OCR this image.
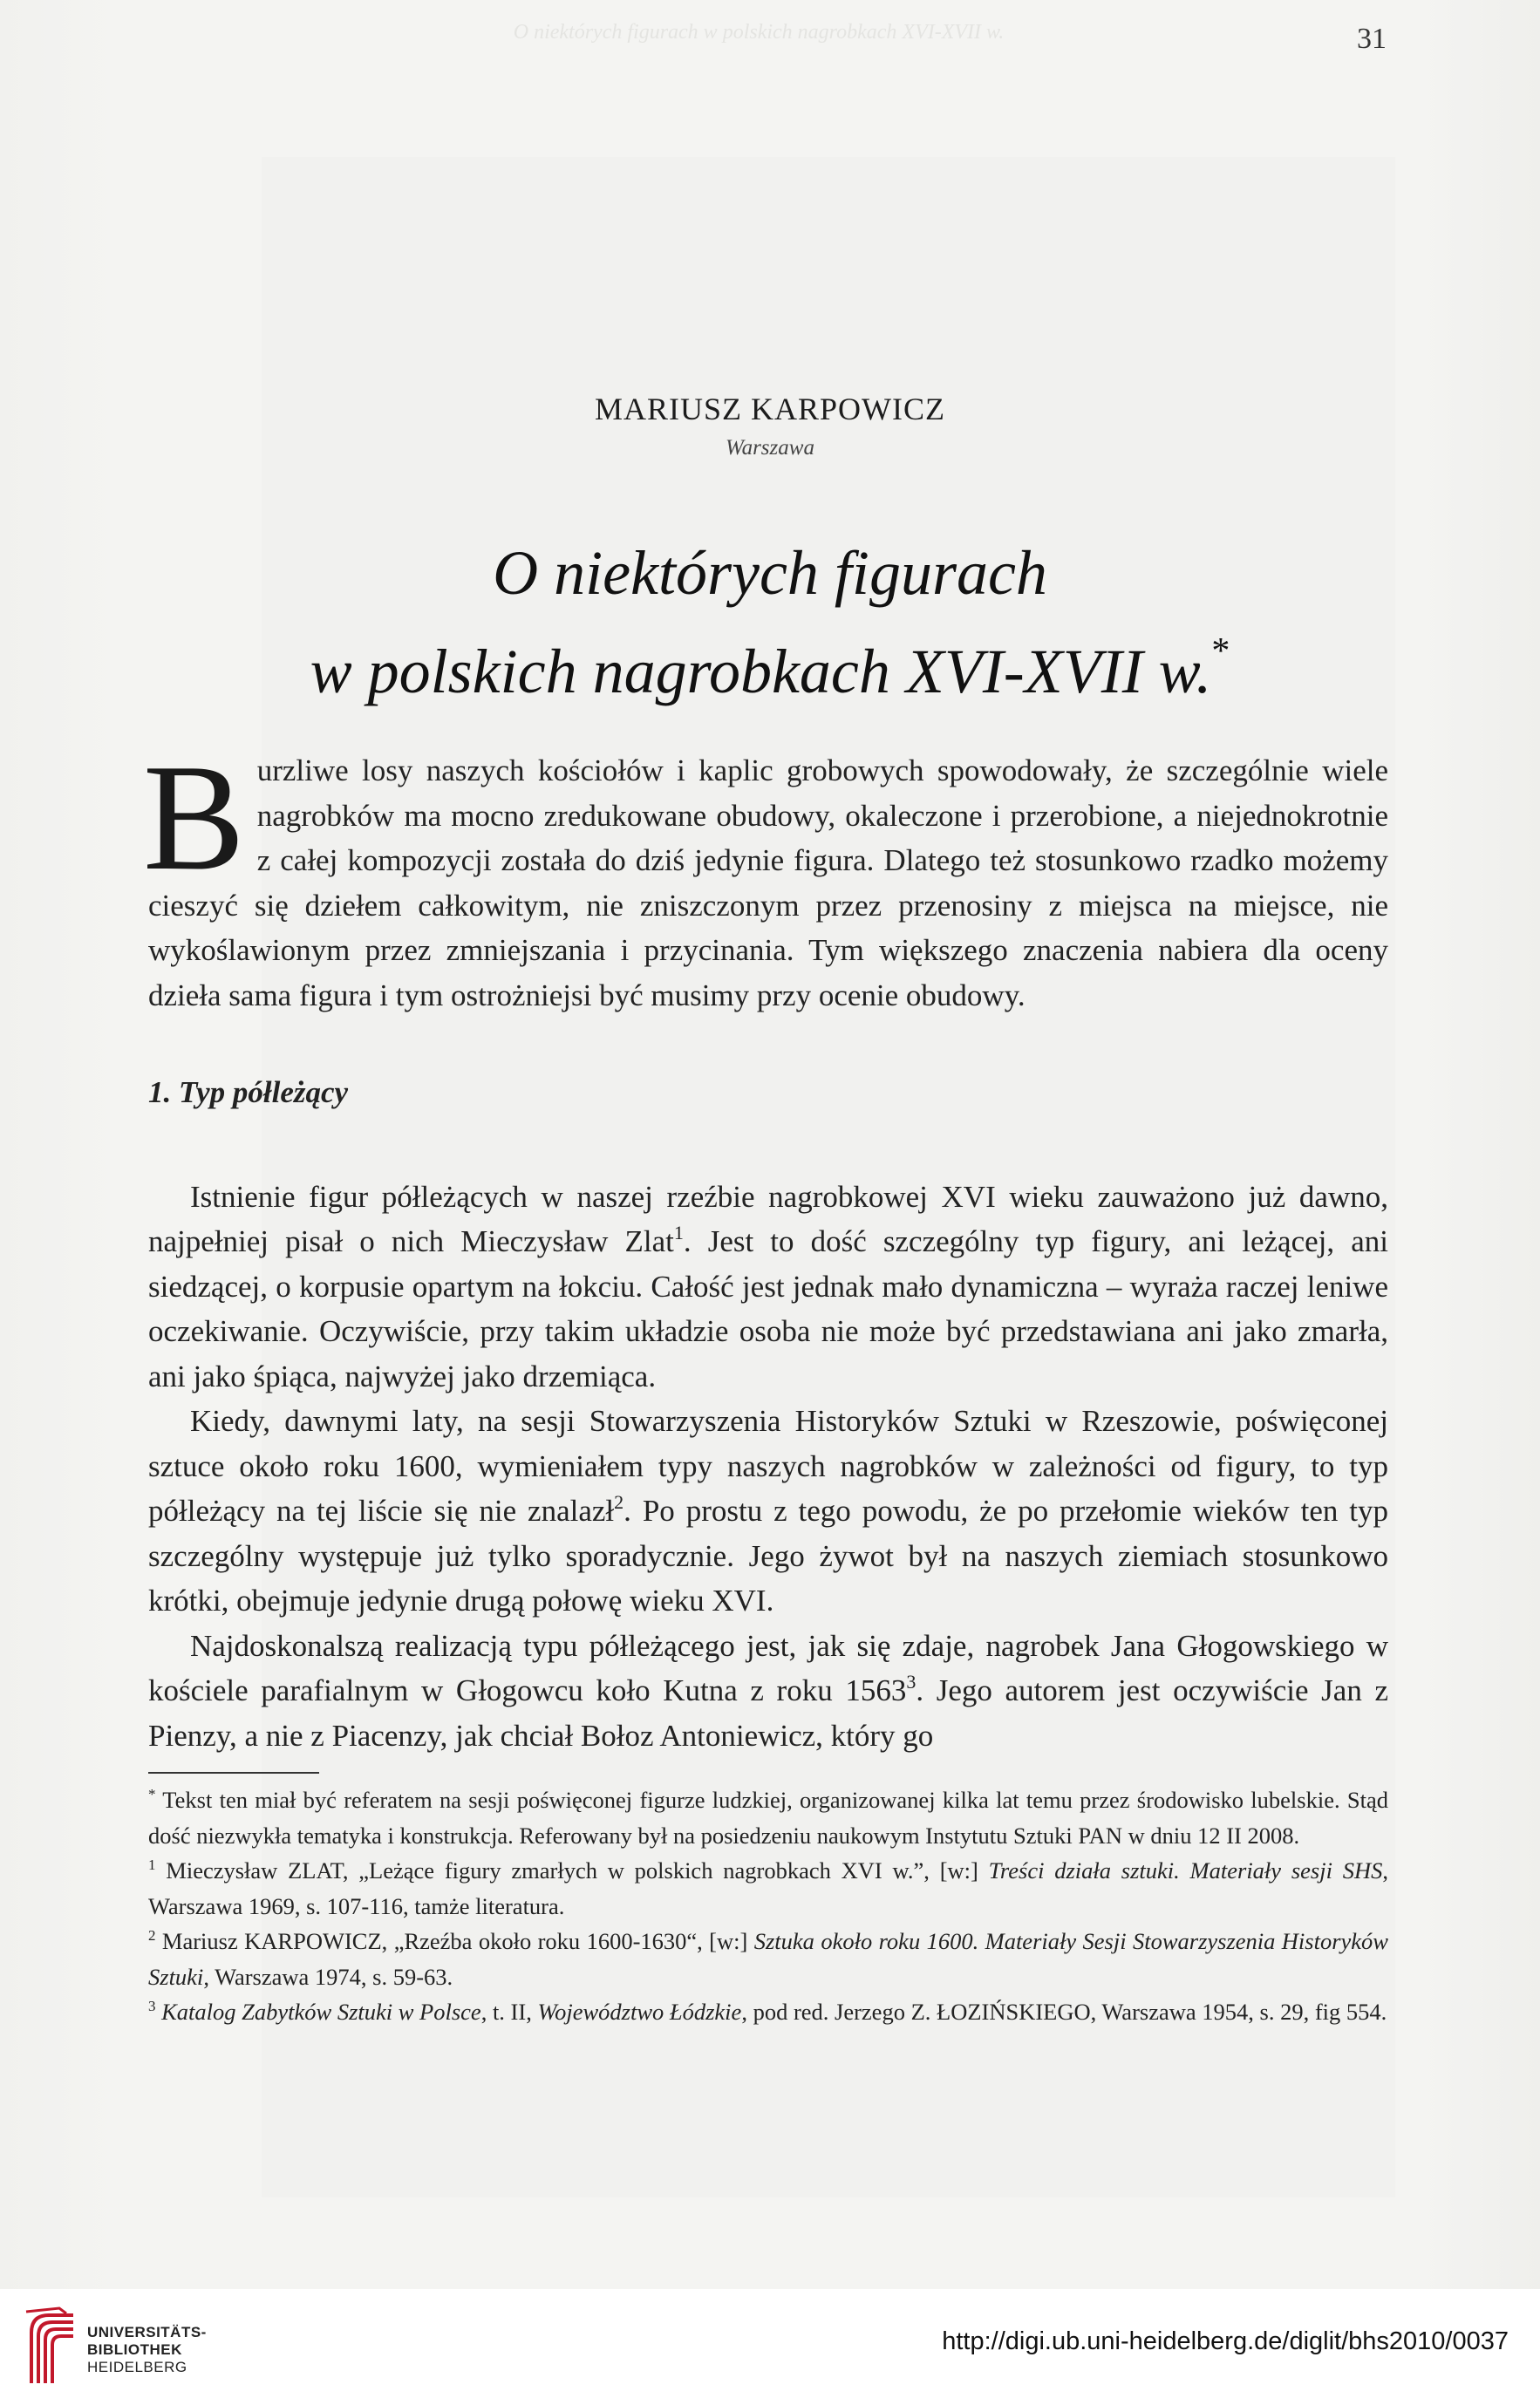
O niektórych figurach w polskich nagrobkach XVI-XVII w.	31
MARIUSZ KARPOWICZ
Warszawa
O niektórych figurach
w polskich nagrobkach XVI-XVII w.*

Burzliwe losy naszych kościołów i kaplic grobowych spowodowały, że szczególnie wiele nagrobków ma mocno zredukowane obudowy, okaleczone i przerobione, a niejednokrotnie z całej kompozycji została do dziś jedynie figura. Dlatego też stosunkowo rzadko możemy cieszyć się dziełem całkowitym, nie zniszczonym przez przenosiny z miejsca na miejsce, nie wykoślawionym przez zmniejszania i przycinania. Tym większego znaczenia nabiera dla oceny dzieła sama figura i tym ostrożniejsi być musimy przy ocenie obudowy.

1. Typ półleżący

Istnienie figur półleżących w naszej rzeźbie nagrobkowej XVI wieku zauważono już dawno, najpełniej pisał o nich Mieczysław Zlat$^1$. Jest to dość szczególny typ figury, ani leżącej, ani siedzącej, o korpusie opartym na łokciu. Całość jest jednak mało dynamiczna – wyraża raczej leniwe oczekiwanie. Oczywiście, przy takim układzie osoba nie może być przedstawiana ani jako zmarła, ani jako śpiąca, najwyżej jako drzemiąca.

Kiedy, dawnymi laty, na sesji Stowarzyszenia Historyków Sztuki w Rzeszowie, poświęconej sztuce około roku 1600, wymieniałem typy naszych nagrobków w zależności od figury, to typ półleżący na tej liście się nie znalazł$^2$. Po prostu z tego powodu, że po przełomie wieków ten typ szczególny występuje już tylko sporadycznie. Jego żywot był na naszych ziemiach stosunkowo krótki, obejmuje jedynie drugą połowę wieku XVI.

Najdoskonalszą realizacją typu półleżącego jest, jak się zdaje, nagrobek Jana Głogowskiego w kościele parafialnym w Głogowcu koło Kutna z roku 1563$^3$. Jego autorem jest oczywiście Jan z Pienzy, a nie z Piacenzy, jak chciał Bołoz Antoniewicz, który go

* Tekst ten miał być referatem na sesji poświęconej figurze ludzkiej, organizowanej kilka lat temu przez środowisko lubelskie. Stąd dość niezwykła tematyka i konstrukcja. Referowany był na posiedzeniu naukowym Instytutu Sztuki PAN w dniu 12 II 2008.

$^1$ Mieczysław ZLAT, „Leżące figury zmarłych w polskich nagrobkach XVI w.”, [w:] Treści działa sztuki. Materiały sesji SHS, Warszawa 1969, s. 107-116, tamże literatura.

$^2$ Mariusz KARPOWICZ, „Rzeźba około roku 1600-1630“, [w:] Sztuka około roku 1600. Materiały Sesji Stowarzyszenia Historyków Sztuki, Warszawa 1974, s. 59-63.

$^3$ Katalog Zabytków Sztuki w Polsce, t. II, Województwo Łódzkie, pod red. Jerzego Z. ŁOZIŃSKIEGO, Warszawa 1954, s. 29, fig 554.

UNIVERSITÄTS-
BIBLIOTHEK
HEIDELBERG
http://digi.ub.uni-heidelberg.de/diglit/bhs2010/0037
